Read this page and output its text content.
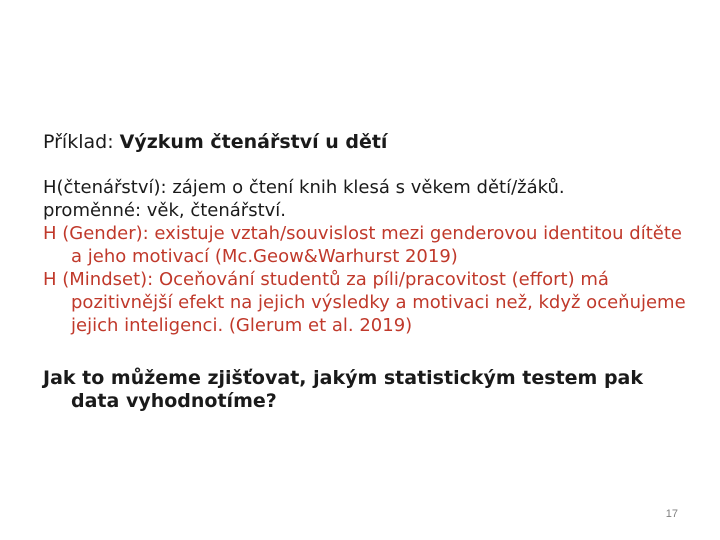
Příklad: Výzkum čtenářství u dětí

H(čtenářství): zájem o čtení knih klesá s věkem dětí/žáků.

proměnné: věk, čtenářství.

H (Gender): existuje vztah/souvislost mezi genderovou identitou dítěte a jeho motivací (Mc.Geow&Warhurst 2019)

H (Mindset): Oceňování studentů za píli/pracovitost (effort) má pozitivnější efekt na jejich výsledky a motivaci než, když oceňujeme jejich inteligenci. (Glerum et al. 2019)

Jak to můžeme zjišťovat, jakým statistickým testem pak data vyhodnotíme?

17
